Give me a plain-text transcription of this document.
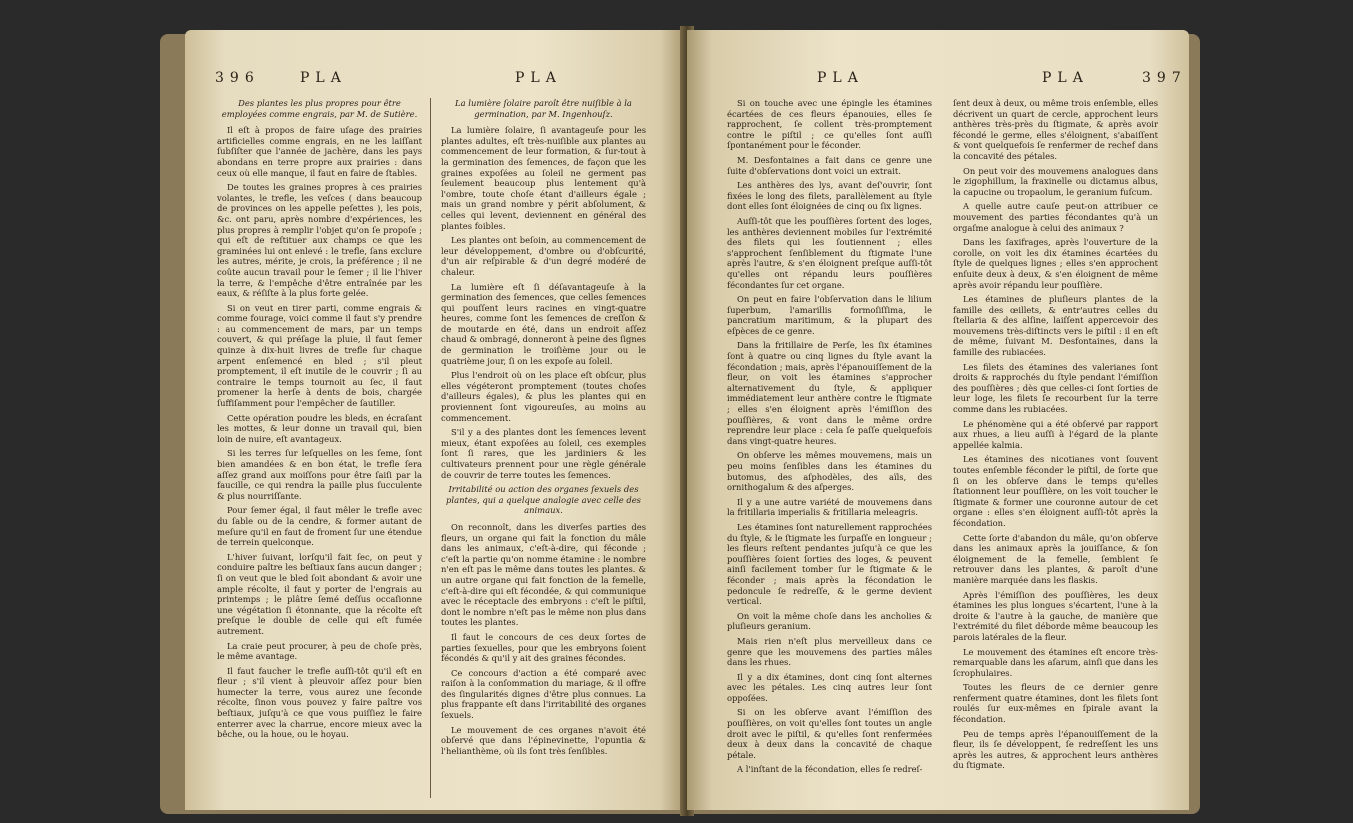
396	PLA	PLA

Des plantes les plus propres pour être employées comme engrais, par M. de Sutière.

Il eſt à propos de faire uſage des prairies artificielles comme engrais, en ne les laiſſant ſubſiſter que l'année de jachère, dans les pays abondans en terre propre aux prairies : dans ceux où elle manque, il faut en faire de ſtables.

De toutes les graines propres à ces prairies volantes, le trefle, les veſces ( dans beaucoup de provinces on les appelle peſettes ), les pois, &c. ont paru, après nombre d'expériences, les plus propres à remplir l'objet qu'on ſe propoſe ; qui eſt de reſtituer aux champs ce que les graminées lui ont enlevé : le trefle, ſans exclure les autres, mérite, je crois, la préférence ; il ne coûte aucun travail pour le ſemer ; il lie l'hiver la terre, & l'empêche d'être entraînée par les eaux, & réſiſte à la plus forte gelée.

Si on veut en tirer parti, comme engrais & comme fourage, voici comme il faut s'y prendre : au commencement de mars, par un temps couvert, & qui préſage la pluie, il faut ſemer quinze à dix-huit livres de trefle ſur chaque arpent enſemencé en bled ; s'il pleut promptement, il eſt inutile de le couvrir ; ſi au contraire le temps tournoit au ſec, il faut promener la herſe à dents de bois, chargée ſuffiſamment pour l'empêcher de ſautiller.

Cette opération poudre les bleds, en écraſant les mottes, & leur donne un travail qui, bien loin de nuire, eſt avantageux.

Si les terres ſur leſquelles on les ſeme, ſont bien amandées & en bon état, le trefle ſera aſſez grand aux moiſſons pour être ſaiſi par la faucille, ce qui rendra la paille plus ſucculente & plus nourriſſante.

Pour ſemer égal, il faut mêler le trefle avec du ſable ou de la cendre, & former autant de meſure qu'il en faut de froment ſur une étendue de terrein quelconque.

L'hiver ſuivant, lorſqu'il fait ſec, on peut y conduire paître les beſtiaux ſans aucun danger ; ſi on veut que le bled ſoit abondant & avoir une ample récolte, il faut y porter de l'engrais au printemps ; le plâtre ſemé deſſus occaſionne une végétation ſi étonnante, que la récolte eſt preſque le double de celle qui eſt fumée autrement.

La craie peut procurer, à peu de choſe près, le même avantage.

Il faut faucher le trefle auſſi-tôt qu'il eſt en fleur ; s'il vient à pleuvoir aſſez pour bien humecter la terre, vous aurez une ſeconde récolte, ſinon vous pouvez y faire paître vos beſtiaux, juſqu'à ce que vous puiſſiez le faire enterrer avec la charrue, encore mieux avec la bêche, ou la houe, ou le hoyau.

La lumière ſolaire paroît être nuiſible à la germination, par M. Ingenhouſz.

La lumière ſolaire, ſi avantageuſe pour les plantes adultes, eſt très-nuiſible aux plantes au commencement de leur formation, & ſur-tout à la germination des ſemences, de façon que les graines expoſées au ſoleil ne germent pas ſeulement beaucoup plus lentement qu'à l'ombre, toute choſe étant d'ailleurs égale ; mais un grand nombre y périt abſolument, & celles qui levent, deviennent en général des plantes foibles.

Les plantes ont beſoin, au commencement de leur développement, d'ombre ou d'obſcurité, d'un air reſpirable & d'un degré modéré de chaleur.

La lumière eſt ſi déſavantageuſe à la germination des ſemences, que celles ſemences qui pouſſent leurs racines en vingt-quatre heures, comme ſont les ſemences de creſſon & de moutarde en été, dans un endroit aſſez chaud & ombragé, donneront à peine des ſignes de germination le troiſième jour ou le quatrième jour, ſi on les expoſe au ſoleil.

Plus l'endroit où on les place eſt obſcur, plus elles végéteront promptement (toutes choſes d'ailleurs égales), & plus les plantes qui en proviennent ſont vigoureuſes, au moins au commencement.

S'il y a des plantes dont les ſemences levent mieux, étant expoſées au ſoleil, ces exemples ſont ſi rares, que les jardiniers & les cultivateurs prennent pour une règle générale de couvrir de terre toutes les ſemences.

Irritabilité ou action des organes ſexuels des plantes, qui a quelque analogie avec celle des animaux.

On reconnoît, dans les diverſes parties des fleurs, un organe qui fait la fonction du mâle dans les animaux, c'eſt-à-dire, qui féconde ; c'eſt la partie qu'on nomme étamine : le nombre n'en eſt pas le même dans toutes les plantes. & un autre organe qui fait fonction de la femelle, c'eſt-à-dire qui eſt fécondée, & qui communique avec le réceptacle des embryons : c'eſt le piſtil, dont le nombre n'eſt pas le même non plus dans toutes les plantes.

Il faut le concours de ces deux ſortes de parties ſexuelles, pour que les embryons ſoient fécondés & qu'il y ait des graines fécondes.

Ce concours d'action a été comparé avec raiſon à la conſommation du mariage, & il offre des ſingularités dignes d'être plus connues. La plus frappante eſt dans l'irritabilité des organes ſexuels.

Le mouvement de ces organes n'avoit été obſervé que dans l'épinevinette, l'opuntia & l'helianthème, où ils ſont très ſenſibles.

PLA	PLA	397

Si on touche avec une épingle les étamines écartées de ces fleurs épanouies, elles ſe rapprochent, ſe collent très-promptement contre le piſtil ; ce qu'elles ſont auſſi ſpontanément pour le féconder.

M. Desfontaines a fait dans ce genre une ſuite d'obſervations dont voici un extrait.

Les anthères des lys, avant deſ'ouvrir, ſont fixées le long des filets, parallèlement au ſtyle dont elles ſont éloignées de cinq ou ſix lignes.

Auſſi-tôt que les pouſſières ſortent des loges, les anthères deviennent mobiles ſur l'extrémité des filets qui les ſoutiennent ; elles s'approchent ſenſiblement du ſtigmate l'une après l'autre, & s'en éloignent preſque auſſi-tôt qu'elles ont répandu leurs pouſſières fécondantes ſur cet organe.

On peut en faire l'obſervation dans le lilium ſuperbum, l'amarillis formoſiſſima, le pancratium maritimum, & la plupart des eſpèces de ce genre.

Dans la fritillaire de Perſe, les ſix étamines ſont à quatre ou cinq lignes du ſtyle avant la fécondation ; mais, après l'épanouiſſement de la fleur, on voit les étamines s'approcher alternativement du ſtyle, & appliquer immédiatement leur anthère contre le ſtigmate ; elles s'en éloignent après l'émiſſion des pouſſières, & vont dans le même ordre reprendre leur place : cela ſe paſſe quelquefois dans vingt-quatre heures.

On obſerve les mêmes mouvemens, mais un peu moins ſenſibles dans les étamines du butomus, des aſphodèles, des aïls, des ornithogalum & des aſperges.

Il y a une autre variété de mouvemens dans la fritillaria imperialis & fritillaria meleagris.

Les étamines ſont naturellement rapprochées du ſtyle, & le ſtigmate les ſurpaſſe en longueur ; les fleurs reſtent pendantes juſqu'à ce que les pouſſières ſoient ſorties des loges, & peuvent ainſi facilement tomber ſur le ſtigmate & le féconder ; mais après la fécondation le pedoncule ſe redreſſe, & le germe devient vertical.

On voit la même choſe dans les ancholies & pluſieurs geranium.

Mais rien n'eſt plus merveilleux dans ce genre que les mouvemens des parties mâles dans les rhues.

Il y a dix étamines, dont cinq ſont alternes avec les pétales. Les cinq autres leur ſont oppoſées.

Si on les obſerve avant l'émiſſion des pouſſières, on voit qu'elles ſont toutes un angle droit avec le piſtil, & qu'elles ſont renfermées deux à deux dans la concavité de chaque pétale.

A l'inſtant de la fécondation, elles ſe redreſ-

ſent deux à deux, ou même trois enſemble, elles décrivent un quart de cercle, approchent leurs anthères très-près du ſtigmate, & après avoir fécondé le germe, elles s'éloignent, s'abaiſſent & vont quelquefois ſe renfermer de rechef dans la concavité des pétales.

On peut voir des mouvemens analogues dans le zigophillum, la fraxinelle ou dictamus albus, la capucine ou tropaolum, le geranium fuſcum.

A quelle autre cauſe peut-on attribuer ce mouvement des parties fécondantes qu'à un orgaſme analogue à celui des animaux ?

Dans les ſaxifrages, après l'ouverture de la corolle, on voit les dix étamines écartées du ſtyle de quelques lignes ; elles s'en approchent enſuite deux à deux, & s'en éloignent de même après avoir répandu leur pouſſière.

Les étamines de pluſieurs plantes de la famille des œillets, & entr'autres celles du ſtellaria & des alſine, laiſſent appercevoir des mouvemens très-diſtincts vers le piſtil : il en eſt de même, ſuivant M. Desfontaines, dans la famille des rubiacées.

Les filets des étamines des valerianes ſont droits & rapprochés du ſtyle pendant l'émiſſion des pouſſières ; dès que celles-ci ſont ſorties de leur loge, les filets ſe recourbent ſur la terre comme dans les rubiacées.

Le phénomène qui a été obſervé par rapport aux rhues, a lieu auſſi à l'égard de la plante appellée kalmia.

Les étamines des nicotianes vont ſouvent toutes enſemble féconder le piſtil, de ſorte que ſi on les obſerve dans le temps qu'elles ſtationnent leur pouſſière, on les voit toucher le ſtigmate & former une couronne autour de cet organe : elles s'en éloignent auſſi-tôt après la fécondation.

Cette ſorte d'abandon du mâle, qu'on obſerve dans les animaux après la jouiſſance, & ſon éloignement de la femelle, ſemblent ſe retrouver dans les plantes, & paroît d'une manière marquée dans les flaskis.

Après l'émiſſion des pouſſières, les deux étamines les plus longues s'écartent, l'une à la droite & l'autre à la gauche, de manière que l'extrémité du filet déborde même beaucoup les parois latérales de la fleur.

Le mouvement des étamines eſt encore très-remarquable dans les aſarum, ainſi que dans les ſcrophulaires.

Toutes les fleurs de ce dernier genre renferment quatre étamines, dont les filets ſont roulés ſur eux-mêmes en ſpirale avant la fécondation.

Peu de temps après l'épanouiſſement de la fleur, ils ſe développent, ſe redreſſent les uns après les autres, & approchent leurs anthères du ſtigmate.
